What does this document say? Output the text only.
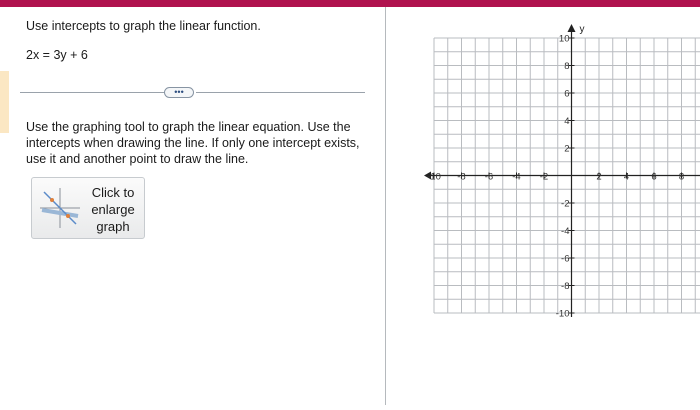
Use intercepts to graph the linear function.
2x = 3y + 6
•••
Use the graphing tool to graph the linear equation. Use the intercepts when drawing the line. If only one intercept exists, use it and another point to draw the line.
Click to
enlarge
graph
y
-10 -8 -6 -4 -2	2 4 6 8
10
8
6
4
2
-2
-4
-6
-8
-10
